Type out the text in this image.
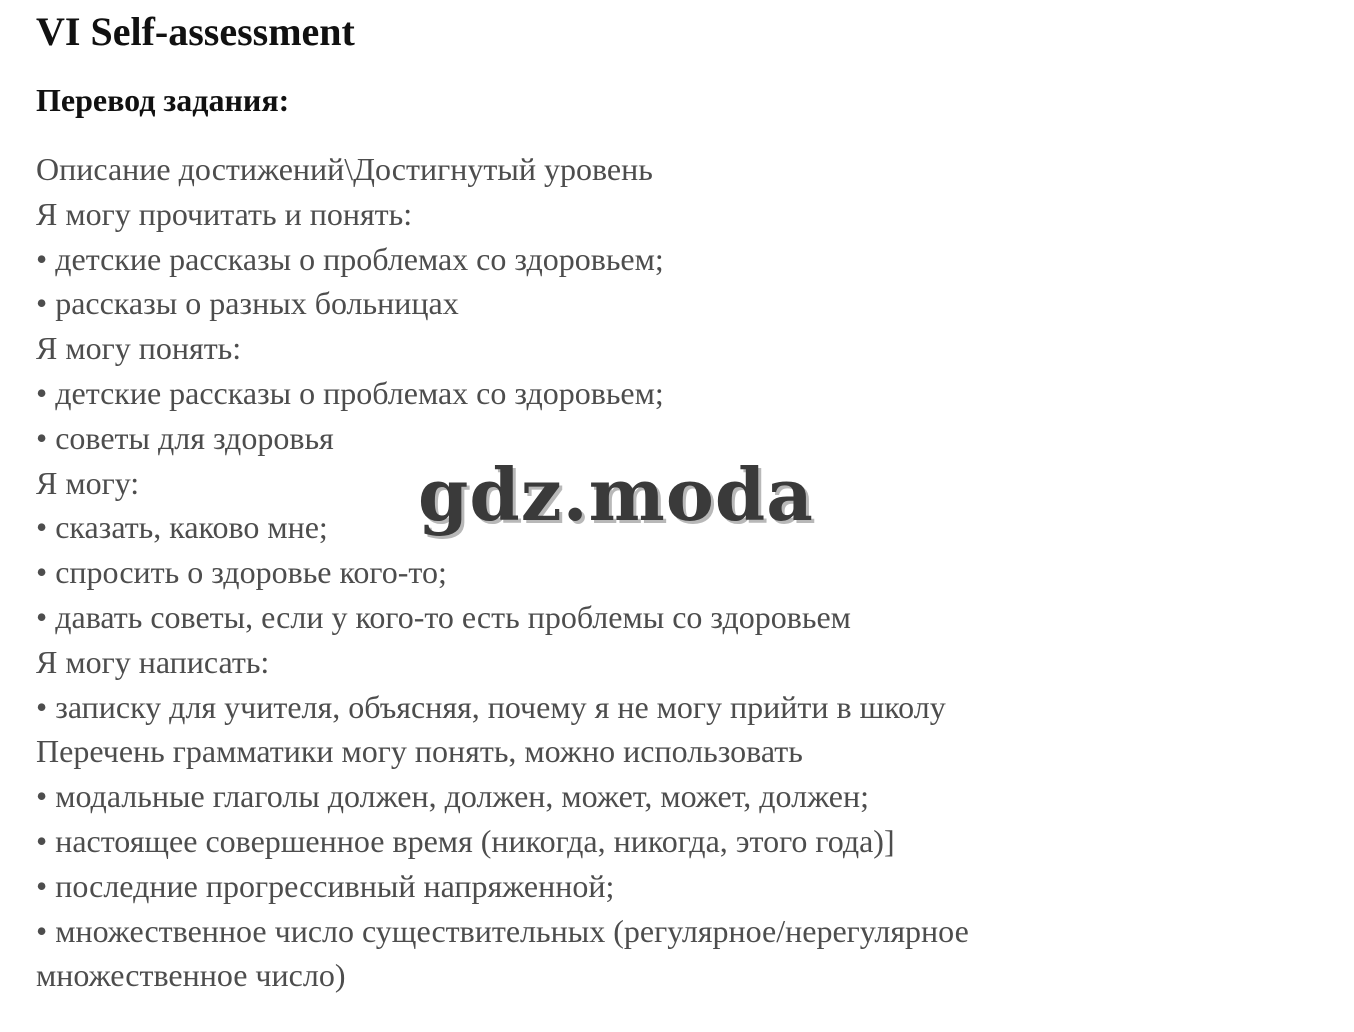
VI Self-assessment
Перевод задания:
Описание достижений\Достигнутый уровень
Я могу прочитать и понять:
• детские рассказы о проблемах со здоровьем;
• рассказы о разных больницах
Я могу понять:
• детские рассказы о проблемах со здоровьем;
• советы для здоровья
Я могу:
• сказать, каково мне;
• спросить о здоровье кого-то;
• давать советы, если у кого-то есть проблемы со здоровьем
Я могу написать:
• записку для учителя, объясняя, почему я не могу прийти в школу
Перечень грамматики могу понять, можно использовать
• модальные глаголы должен, должен, может, может, должен;
• настоящее совершенное время (никогда, никогда, этого года)]
• последние прогрессивный напряженной;
• множественное число существительных (регулярное/нерегулярное
множественное число)
gdz.moda
